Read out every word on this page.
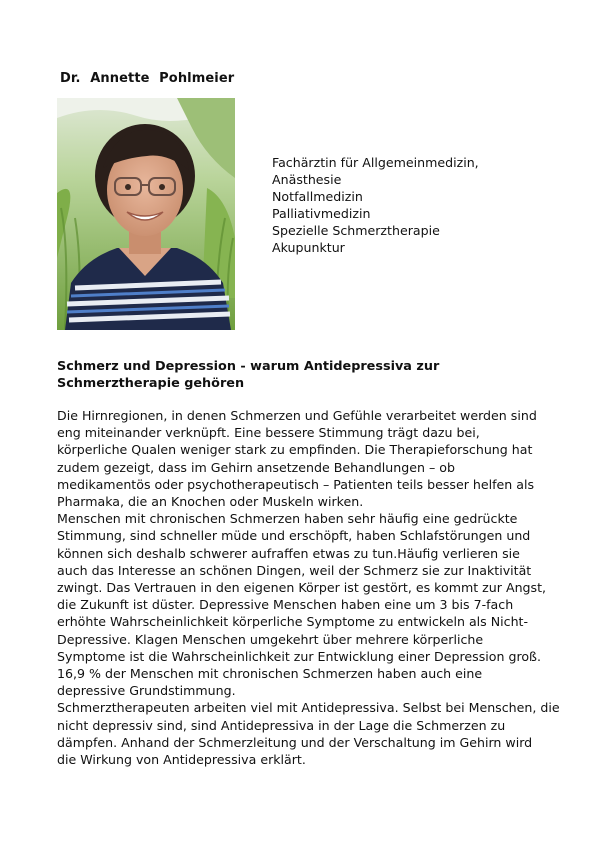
Dr. Annette Pohlmeier
Fachärztin für Allgemeinmedizin,
Anästhesie
Notfallmedizin
Palliativmedizin
Spezielle Schmerztherapie
Akupunktur
Schmerz und Depression - warum Antidepressiva zur
Schmerztherapie gehören
Die Hirnregionen, in denen Schmerzen und Gefühle verarbeitet werden sind
eng miteinander verknüpft. Eine bessere Stimmung trägt dazu bei,
körperliche Qualen weniger stark zu empfinden. Die Therapieforschung hat
zudem gezeigt, dass im Gehirn ansetzende Behandlungen – ob
medikamentös oder psychotherapeutisch – Patienten teils besser helfen als
Pharmaka, die an Knochen oder Muskeln wirken.
Menschen mit chronischen Schmerzen haben sehr häufig eine gedrückte
Stimmung, sind schneller müde und erschöpft, haben Schlafstörungen und
können sich deshalb schwerer aufraffen etwas zu tun.Häufig verlieren sie
auch das Interesse an schönen Dingen, weil der Schmerz sie zur Inaktivität
zwingt. Das Vertrauen in den eigenen Körper ist gestört, es kommt zur Angst,
die Zukunft ist düster. Depressive Menschen haben eine um 3 bis 7-fach
erhöhte Wahrscheinlichkeit körperliche Symptome zu entwickeln als Nicht-
Depressive. Klagen Menschen umgekehrt über mehrere körperliche
Symptome ist die Wahrscheinlichkeit zur Entwicklung einer Depression groß.
16,9 % der Menschen mit chronischen Schmerzen haben auch eine
depressive Grundstimmung.
Schmerztherapeuten arbeiten viel mit Antidepressiva. Selbst bei Menschen, die
nicht depressiv sind, sind Antidepressiva in der Lage die Schmerzen zu
dämpfen. Anhand der Schmerzleitung und der Verschaltung im Gehirn wird
die Wirkung von Antidepressiva erklärt.
